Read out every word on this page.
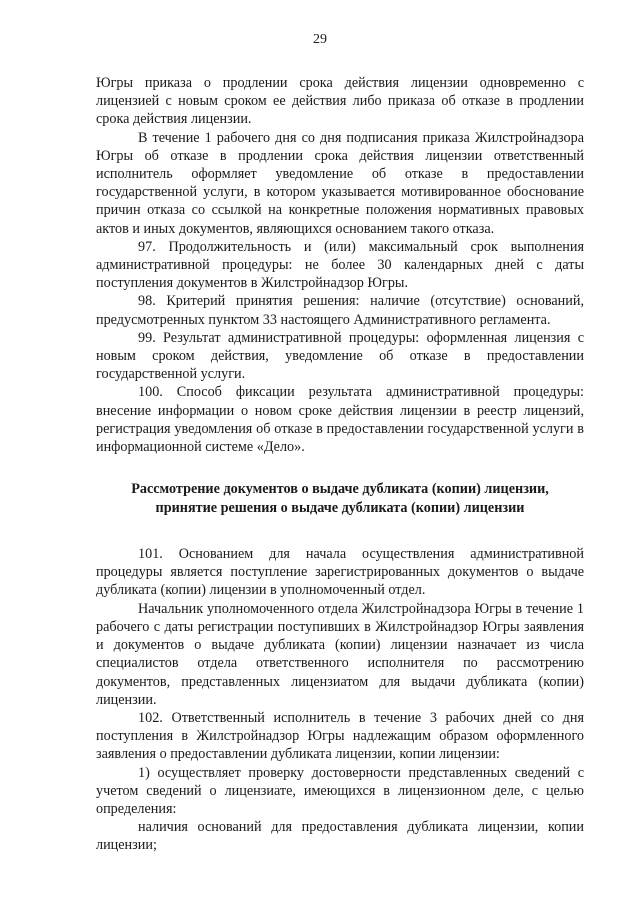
29

Югры приказа о продлении срока действия лицензии одновременно с лицензией с новым сроком ее действия либо приказа об отказе в продлении срока действия лицензии.

В течение 1 рабочего дня со дня подписания приказа Жилстройнадзора Югры об отказе в продлении срока действия лицензии ответственный исполнитель оформляет уведомление об отказе в предоставлении государственной услуги, в котором указывается мотивированное обоснование причин отказа со ссылкой на конкретные положения нормативных правовых актов и иных документов, являющихся основанием такого отказа.

97. Продолжительность и (или) максимальный срок выполнения административной процедуры: не более 30 календарных дней с даты поступления документов в Жилстройнадзор Югры.

98. Критерий принятия решения: наличие (отсутствие) оснований, предусмотренных пунктом 33 настоящего Административного регламента.

99. Результат административной процедуры: оформленная лицензия с новым сроком действия, уведомление об отказе в предоставлении государственной услуги.

100. Способ фиксации результата административной процедуры: внесение информации о новом сроке действия лицензии в реестр лицензий, регистрация уведомления об отказе в предоставлении государственной услуги в информационной системе «Дело».

Рассмотрение документов о выдаче дубликата (копии) лицензии, принятие решения о выдаче дубликата (копии) лицензии

101. Основанием для начала осуществления административной процедуры является поступление зарегистрированных документов о выдаче дубликата (копии) лицензии в уполномоченный отдел.

Начальник уполномоченного отдела Жилстройнадзора Югры в течение 1 рабочего с даты регистрации поступивших в Жилстройнадзор Югры заявления и документов о выдаче дубликата (копии) лицензии назначает из числа специалистов отдела ответственного исполнителя по рассмотрению документов, представленных лицензиатом для выдачи дубликата (копии) лицензии.

102. Ответственный исполнитель в течение 3 рабочих дней со дня поступления в Жилстройнадзор Югры надлежащим образом оформленного заявления о предоставлении дубликата лицензии, копии лицензии:

1) осуществляет проверку достоверности представленных сведений с учетом сведений о лицензиате, имеющихся в лицензионном деле, с целью определения:

наличия оснований для предоставления дубликата лицензии, копии лицензии;
